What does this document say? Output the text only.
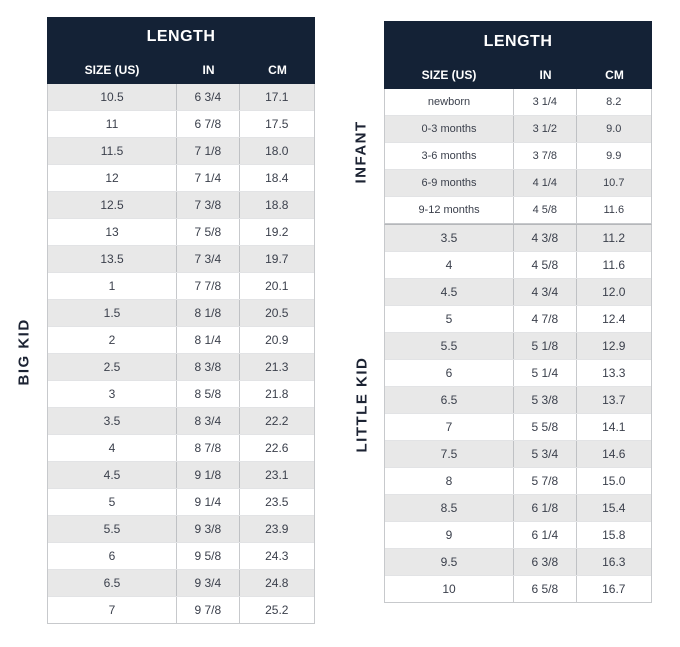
BIG KID
INFANT
LITTLE KID
LENGTH
SIZE (US)	IN	CM
10.5	6 3/4	17.1
11	6 7/8	17.5
11.5	7 1/8	18.0
12	7 1/4	18.4
12.5	7 3/8	18.8
13	7 5/8	19.2
13.5	7 3/4	19.7
1	7 7/8	20.1
1.5	8 1/8	20.5
2	8 1/4	20.9
2.5	8 3/8	21.3
3	8 5/8	21.8
3.5	8 3/4	22.2
4	8 7/8	22.6
4.5	9 1/8	23.1
5	9 1/4	23.5
5.5	9 3/8	23.9
6	9 5/8	24.3
6.5	9 3/4	24.8
7	9 7/8	25.2
LENGTH
SIZE (US)	IN	CM
newborn	3 1/4	8.2
0-3 months	3 1/2	9.0
3-6 months	3 7/8	9.9
6-9 months	4 1/4	10.7
9-12 months	4 5/8	11.6
3.5	4 3/8	11.2
4	4 5/8	11.6
4.5	4 3/4	12.0
5	4 7/8	12.4
5.5	5 1/8	12.9
6	5 1/4	13.3
6.5	5 3/8	13.7
7	5 5/8	14.1
7.5	5 3/4	14.6
8	5 7/8	15.0
8.5	6 1/8	15.4
9	6 1/4	15.8
9.5	6 3/8	16.3
10	6 5/8	16.7
